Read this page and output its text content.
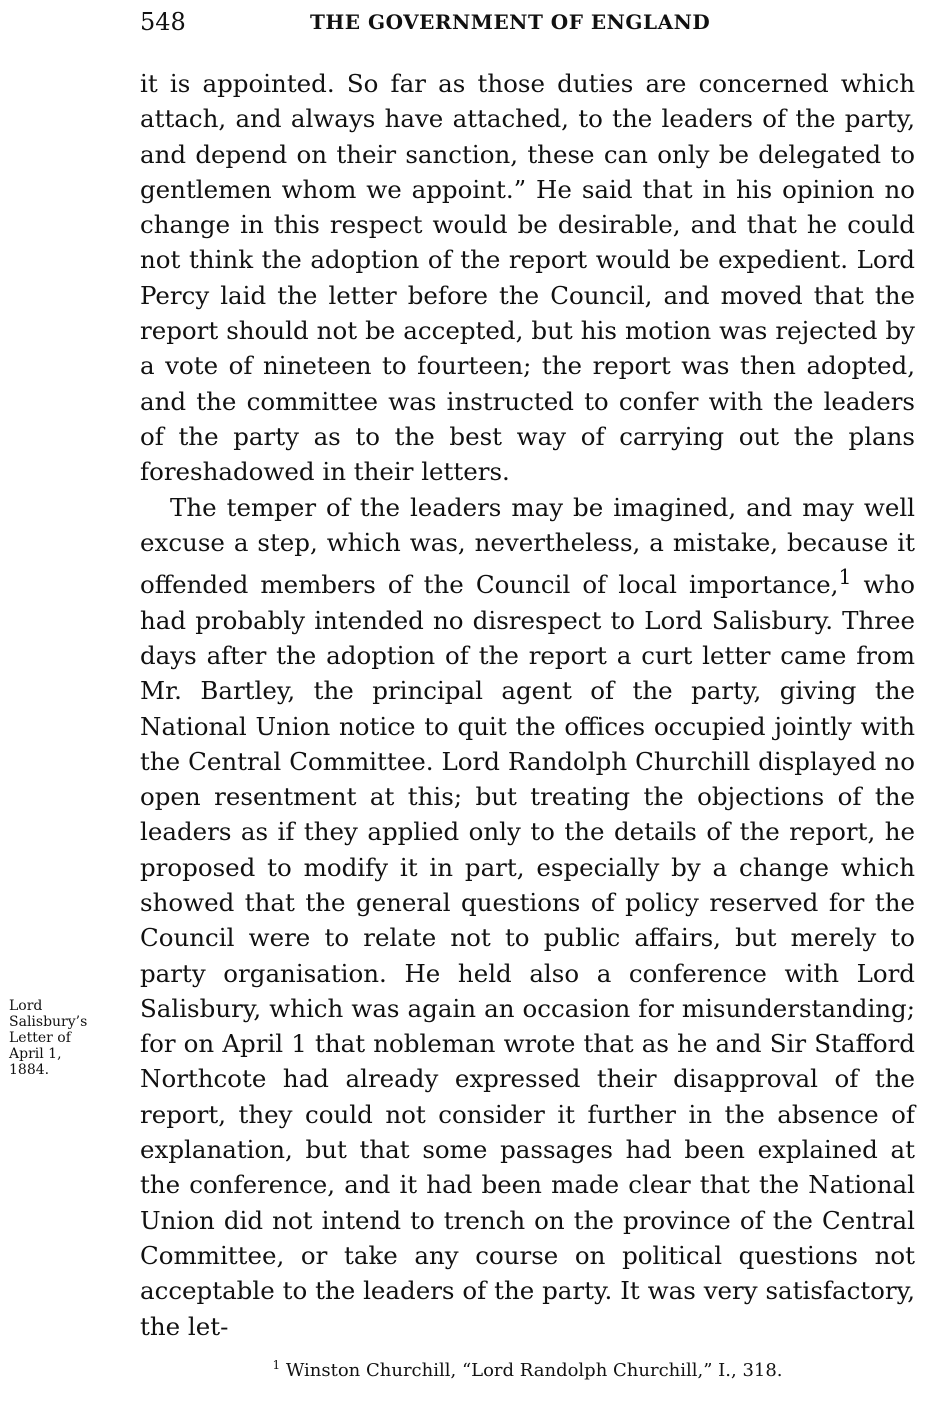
548	THE GOVERNMENT OF ENGLAND

it is appointed. So far as those duties are concerned which attach, and always have attached, to the leaders of the party, and depend on their sanction, these can only be delegated to gentlemen whom we appoint.” He said that in his opinion no change in this respect would be desirable, and that he could not think the adoption of the report would be expedient. Lord Percy laid the letter before the Council, and moved that the report should not be accepted, but his motion was rejected by a vote of nineteen to fourteen; the report was then adopted, and the committee was instructed to confer with the leaders of the party as to the best way of carrying out the plans foreshadowed in their letters.

The temper of the leaders may be imagined, and may well excuse a step, which was, nevertheless, a mistake, because it offended members of the Council of local importance,$^1$ who had probably intended no disrespect to Lord Salisbury. Three days after the adoption of the report a curt letter came from Mr. Bartley, the principal agent of the party, giving the National Union notice to quit the offices occupied jointly with the Central Committee. Lord Randolph Churchill displayed no open resentment at this; but treating the objections of the leaders as if they applied only to the details of the report, he proposed to modify it in part, especially by a change which showed that the general questions of policy reserved for the Council were to relate not to public affairs, but merely to party organisation. He held also a conference with Lord Salisbury, which was again an occasion for misunderstanding; for on April 1 that nobleman wrote that as he and Sir Stafford Northcote had already expressed their disapproval of the report, they could not consider it further in the absence of explanation, but that some passages had been explained at the conference, and it had been made clear that the National Union did not intend to trench on the province of the Central Committee, or take any course on political questions not acceptable to the leaders of the party. It was very satisfactory, the let-

Lord
Salisbury’s
Letter of
April 1,
1884.
$^1$ Winston Churchill, “Lord Randolph Churchill,” I., 318.
